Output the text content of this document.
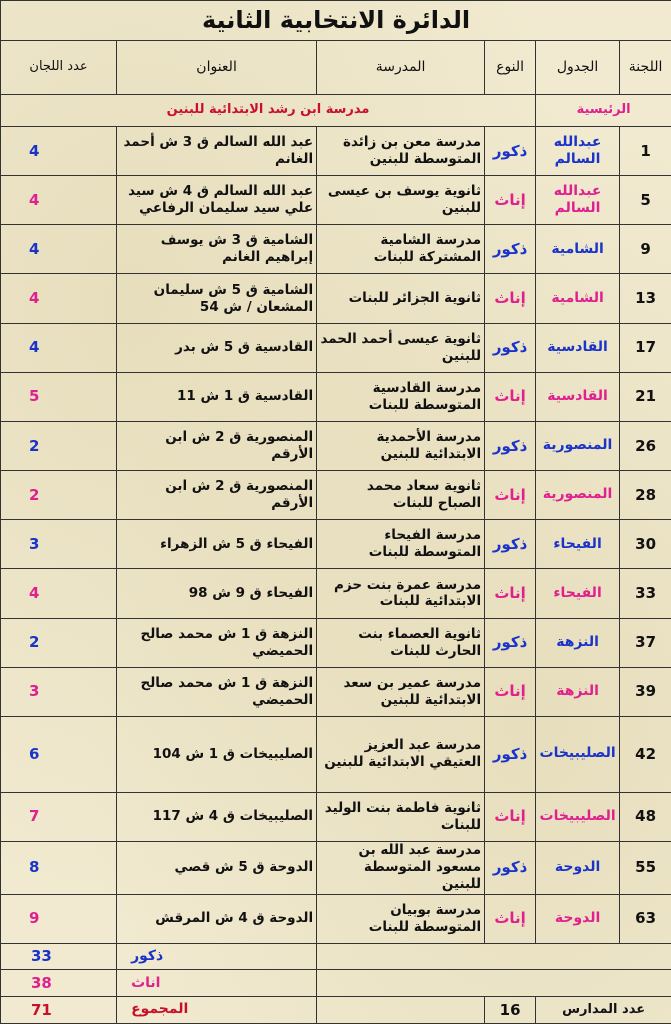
الدائرة الانتخابية الثانية					
اللجنة	الجدول	النوع	المدرسة	العنوان	عدد اللجان
الرئيسية		مدرسة ابن رشد الابتدائية للبنين			
1	عبدالله السالم	ذكور	مدرسة معن بن زائدة المتوسطة للبنين	عبد الله السالم ق 3 ش أحمد الغانم	4
5	عبدالله السالم	إناث	ثانوية يوسف بن عيسى للبنين	عبد الله السالم ق 4 ش سيد علي سيد سليمان الرفاعي	4
9	الشامية	ذكور	مدرسة الشامية المشتركة للبنات	الشامية ق 3 ش يوسف إبراهيم الغانم	4
13	الشامية	إناث	ثانوية الجزائر للبنات	الشامية ق 5 ش سليمان المشعان / ش 54	4
17	القادسية	ذكور	ثانوية عيسى أحمد الحمد للبنين	القادسية ق 5 ش بدر	4
21	القادسية	إناث	مدرسة القادسية المتوسطة للبنات	القادسية ق 1 ش 11	5
26	المنصورية	ذكور	مدرسة الأحمدية الابتدائية للبنين	المنصورية ق 2 ش ابن الأرقم	2
28	المنصورية	إناث	ثانوية سعاد محمد الصباح للبنات	المنصورية ق 2 ش ابن الأرقم	2
30	الفيحاء	ذكور	مدرسة الفيحاء المتوسطة للبنات	الفيحاء ق 5 ش الزهراء	3
33	الفيحاء	إناث	مدرسة عمرة بنت حزم الابتدائية للبنات	الفيحاء ق 9 ش 98	4
37	النزهة	ذكور	ثانوية العصماء بنت الحارث للبنات	النزهة ق 1 ش محمد صالح الحميضي	2
39	النزهة	إناث	مدرسة عمير بن سعد الابتدائية للبنين	النزهة ق 1 ش محمد صالح الحميضي	3
42	الصليبيخات	ذكور	مدرسة عبد العزيز العتيقي الابتدائية للبنين	الصليبيخات ق 1 ش 104	6
48	الصليبيخات	إناث	ثانوية فاطمة بنت الوليد للبنات	الصليبيخات ق 4 ش 117	7
55	الدوحة	ذكور	مدرسة عبد الله بن مسعود المتوسطة للبنين	الدوحة ق 5 ش قصي	8
63	الدوحة	إناث	مدرسة بوبيان المتوسطة للبنات	الدوحة ق 4 ش المرقش	9
				ذكور	33
				اناث	38
عدد المدارس		16		المجموع	71
